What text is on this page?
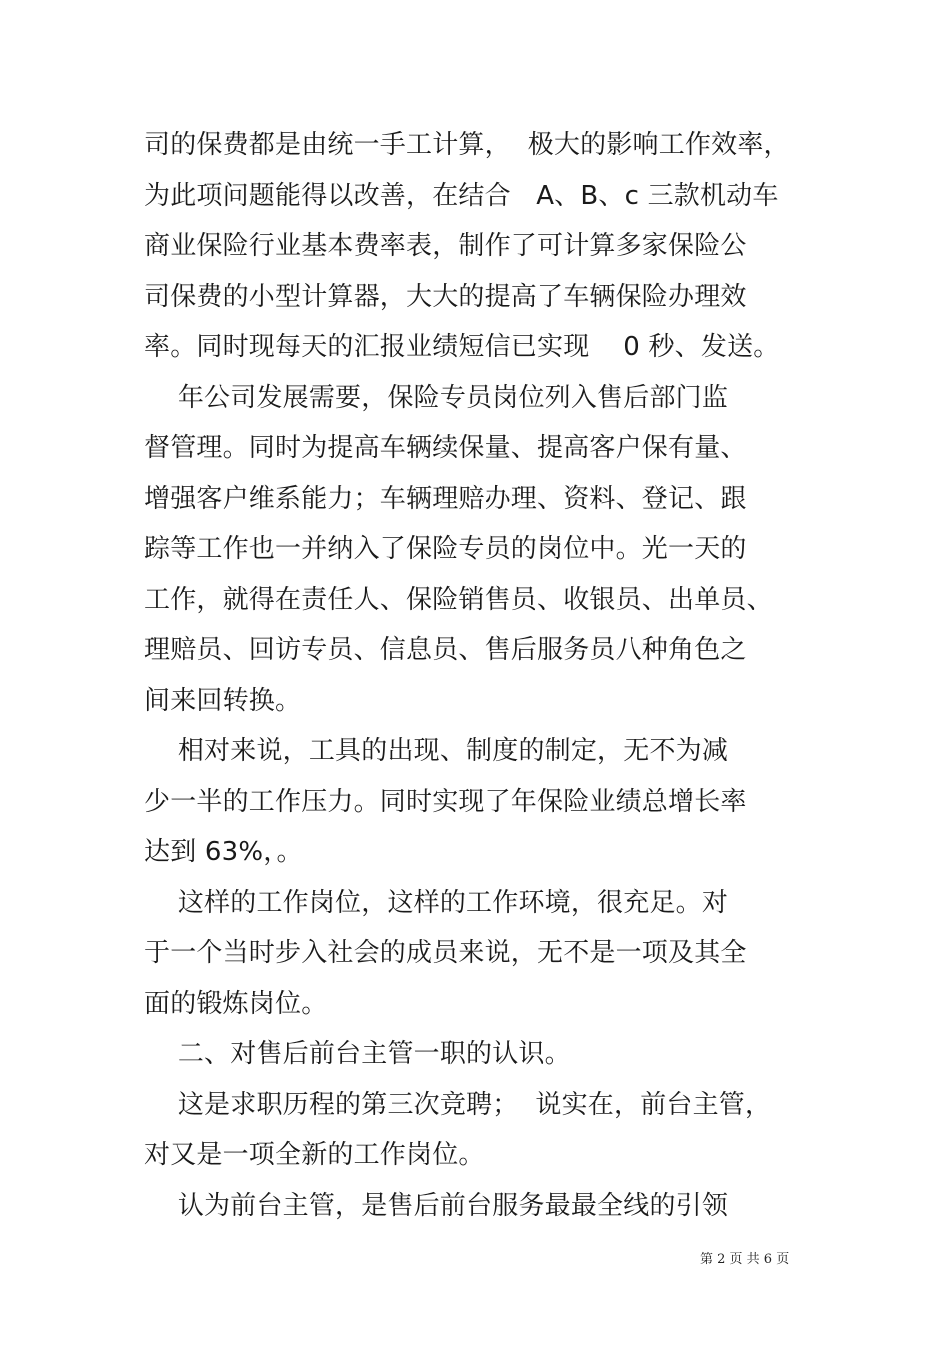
司的保费都是由统一手工计算，  极大的影响工作效率，
为此项问题能得以改善，在结合   A、B、c 三款机动车
商业保险行业基本费率表，制作了可计算多家保险公
司保费的小型计算器，大大的提高了车辆保险办理效
率。同时现每天的汇报业绩短信已实现    0 秒、发送。
年公司发展需要，保险专员岗位列入售后部门监
督管理。同时为提高车辆续保量、提高客户保有量、
增强客户维系能力；车辆理赔办理、资料、登记、跟
踪等工作也一并纳入了保险专员的岗位中。光一天的
工作，就得在责任人、保险销售员、收银员、出单员、
理赔员、回访专员、信息员、售后服务员八种角色之
间来回转换。
相对来说，工具的出现、制度的制定，无不为减
少一半的工作压力。同时实现了年保险业绩总增长率
达到 63%，。
这样的工作岗位，这样的工作环境，很充足。对
于一个当时步入社会的成员来说，无不是一项及其全
面的锻炼岗位。
二、对售后前台主管一职的认识。
这是求职历程的第三次竞聘；  说实在，前台主管，
对又是一项全新的工作岗位。
认为前台主管，是售后前台服务最最全线的引领
第 2 页 共 6 页
